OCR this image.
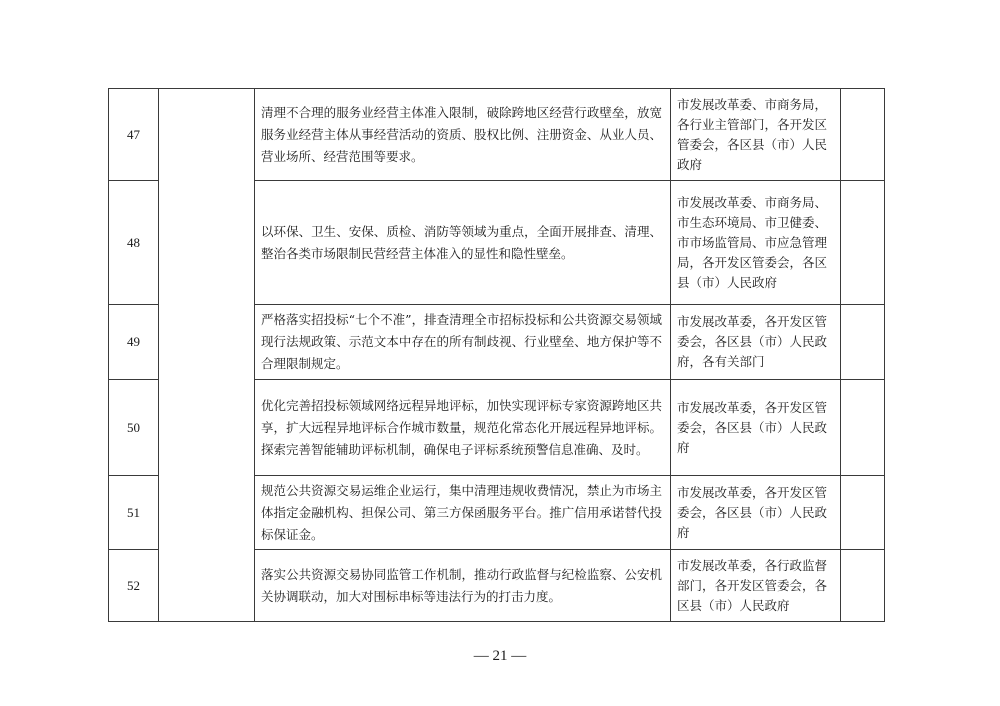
47		清理不合理的服务业经营主体准入限制，破除跨地区经营行政壁垒，放宽服务业经营主体从事经营活动的资质、股权比例、注册资金、从业人员、营业场所、经营范围等要求。	市发展改革委、市商务局，各行业主管部门，各开发区管委会，各区县（市）人民政府	
48		以环保、卫生、安保、质检、消防等领域为重点，全面开展排查、清理、整治各类市场限制民营经营主体准入的显性和隐性壁垒。	市发展改革委、市商务局、市生态环境局、市卫健委、市市场监管局、市应急管理局，各开发区管委会，各区县（市）人民政府	
49		严格落实招投标“七个不准”，排查清理全市招标投标和公共资源交易领域现行法规政策、示范文本中存在的所有制歧视、行业壁垒、地方保护等不合理限制规定。	市发展改革委，各开发区管委会，各区县（市）人民政府，各有关部门	
50		优化完善招投标领域网络远程异地评标，加快实现评标专家资源跨地区共享，扩大远程异地评标合作城市数量，规范化常态化开展远程异地评标。探索完善智能辅助评标机制，确保电子评标系统预警信息准确、及时。	市发展改革委，各开发区管委会，各区县（市）人民政府	
51		规范公共资源交易运维企业运行，集中清理违规收费情况，禁止为市场主体指定金融机构、担保公司、第三方保函服务平台。推广信用承诺替代投标保证金。	市发展改革委，各开发区管委会，各区县（市）人民政府	
52		落实公共资源交易协同监管工作机制，推动行政监督与纪检监察、公安机关协调联动，加大对围标串标等违法行为的打击力度。	市发展改革委，各行政监督部门，各开发区管委会，各区县（市）人民政府	
— 21 —
